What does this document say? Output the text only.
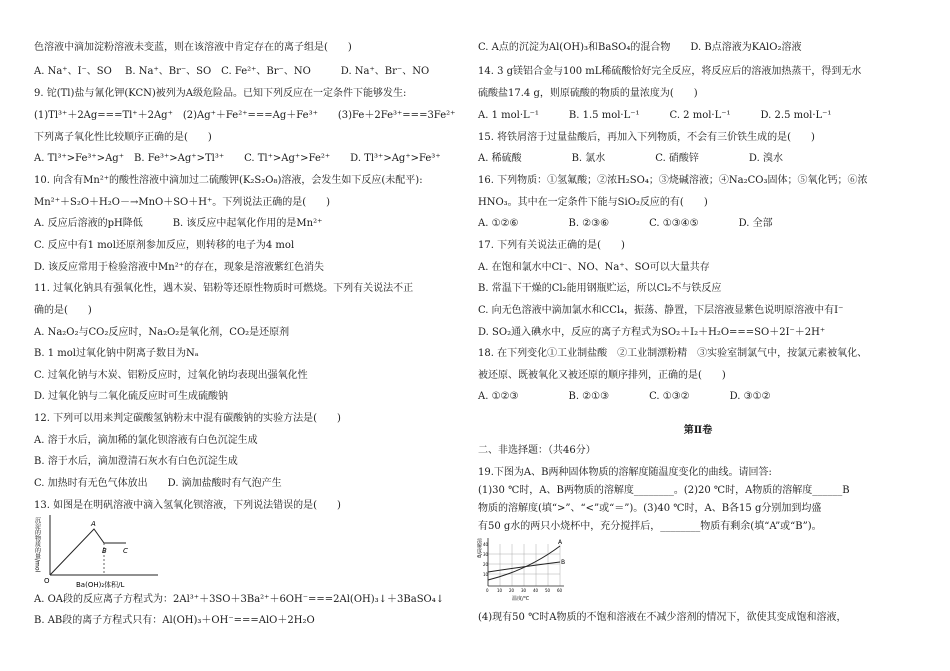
色溶液中滴加淀粉溶液未变蓝，则在该溶液中肯定存在的离子组是(　　)
A. Na⁺、I⁻、SO　 B. Na⁺、Br⁻、SO　C. Fe²⁺、Br⁻、NO　　　D. Na⁺、Br⁻、NO
9. 铊(Tl)盐与氰化钾(KCN)被列为A级危险品。已知下列反应在一定条件下能够发生:
(1)Tl³⁺＋2Ag===Tl⁺＋2Ag⁺　(2)Ag⁺＋Fe²⁺===Ag＋Fe³⁺　　(3)Fe＋2Fe³⁺===3Fe²⁺
下列离子氧化性比较顺序正确的是(　　)
A. Tl³⁺>Fe³⁺>Ag⁺　B. Fe³⁺>Ag⁺>Tl³⁺　　C. Tl⁺>Ag⁺>Fe²⁺　　D. Tl³⁺>Ag⁺>Fe³⁺
10. 向含有Mn²⁺的酸性溶液中滴加过二硫酸钾(K₂S₂O₈)溶液，会发生如下反应(未配平):
Mn²⁺＋S₂O＋H₂O－→MnO＋SO＋H⁺。下列说法正确的是(　　)
A. 反应后溶液的pH降低　　　B. 该反应中起氧化作用的是Mn²⁺
C. 反应中有1 mol还原剂参加反应，则转移的电子为4 mol
D. 该反应常用于检验溶液中Mn²⁺的存在，现象是溶液紫红色消失
11. 过氧化钠具有强氧化性，遇木炭、铝粉等还原性物质时可燃烧。下列有关说法不正
确的是(　　)
A. Na₂O₂与CO₂反应时，Na₂O₂是氧化剂，CO₂是还原剂
B. 1 mol过氧化钠中阴离子数目为Nₐ
C. 过氧化钠与木炭、铝粉反应时，过氧化钠均表现出强氧化性
D. 过氧化钠与二氧化硫反应时可生成硫酸钠
12. 下列可以用来判定碳酸氢钠粉末中混有碳酸钠的实验方法是(　　)
A. 溶于水后，滴加稀的氯化钡溶液有白色沉淀生成
B. 溶于水后，滴加澄清石灰水有白色沉淀生成
C. 加热时有无色气体放出　　D. 滴加盐酸时有气泡产生
13. 如图是在明矾溶液中滴入氢氧化钡溶液，下列说法错误的是(　　)
沉淀的物质的量/mol
Ba(OH)₂体积/L
O
A
B C
A. OA段的反应离子方程式为：2Al³⁺＋3SO＋3Ba²⁺＋6OH⁻===2Al(OH)₃↓＋3BaSO₄↓
B. AB段的离子方程式只有：Al(OH)₃＋OH⁻===AlO＋2H₂O
C. A点的沉淀为Al(OH)₃和BaSO₄的混合物　　D. B点溶液为KAlO₂溶液
14. 3 g镁铝合金与100 mL稀硫酸恰好完全反应，将反应后的溶液加热蒸干，得到无水
硫酸盐17.4 g，则原硫酸的物质的量浓度为(　　)
A. 1 mol·L⁻¹　　　B. 1.5 mol·L⁻¹　　　C. 2 mol·L⁻¹　　　D. 2.5 mol·L⁻¹
15. 将铁屑溶于过量盐酸后，再加入下列物质，不会有三价铁生成的是(　　)
A. 稀硫酸　　　　　B. 氯水　　　　　C. 硝酸锌　　　　　D. 溴水
16. 下列物质：①氢氟酸；②浓H₂SO₄；③烧碱溶液；④Na₂CO₃固体；⑤氧化钙；⑥浓
HNO₃。其中在一定条件下能与SiO₂反应的有(　　)
A. ①②⑥　　　　　B. ②③⑥　　　　C. ①③④⑤　　　　D. 全部
17. 下列有关说法正确的是(　　)
A. 在饱和氯水中Cl⁻、NO、Na⁺、SO可以大量共存
B. 常温下干燥的Cl₂能用钢瓶贮运，所以Cl₂不与铁反应
C. 向无色溶液中滴加氯水和CCl₄，振荡、静置，下层溶液显紫色说明原溶液中有I⁻
D. SO₂通入碘水中，反应的离子方程式为SO₂＋I₂＋H₂O===SO＋2I⁻＋2H⁺
18. 在下列变化①工业制盐酸　②工业制漂粉精　③实验室制氯气中，按氯元素被氧化、
被还原、既被氧化又被还原的顺序排列，正确的是(　　)
A. ①②③　　　　　B. ②①③　　　　C. ①③②　　　　D. ③①②
第Ⅱ卷
二、非选择题：（共46分）
19.下图为A、B两种固体物质的溶解度随温度变化的曲线。请回答:
(1)30 ℃时，A、B两物质的溶解度________。(2)20 ℃时，A物质的溶解度______B
物质的溶解度(填“>”、“<”或“＝”)。(3)40 ℃时，A、B各15 g分别加到均盛
有50 g水的两只小烧杯中，充分搅拌后，________物质有剩余(填“A”或“B”)。
A
B
溶解度/g
温度/℃
0 10 20 30 40 50 60
10
20
30
40
(4)现有50 ℃时A物质的不饱和溶液在不减少溶剂的情况下，欲使其变成饱和溶液，
